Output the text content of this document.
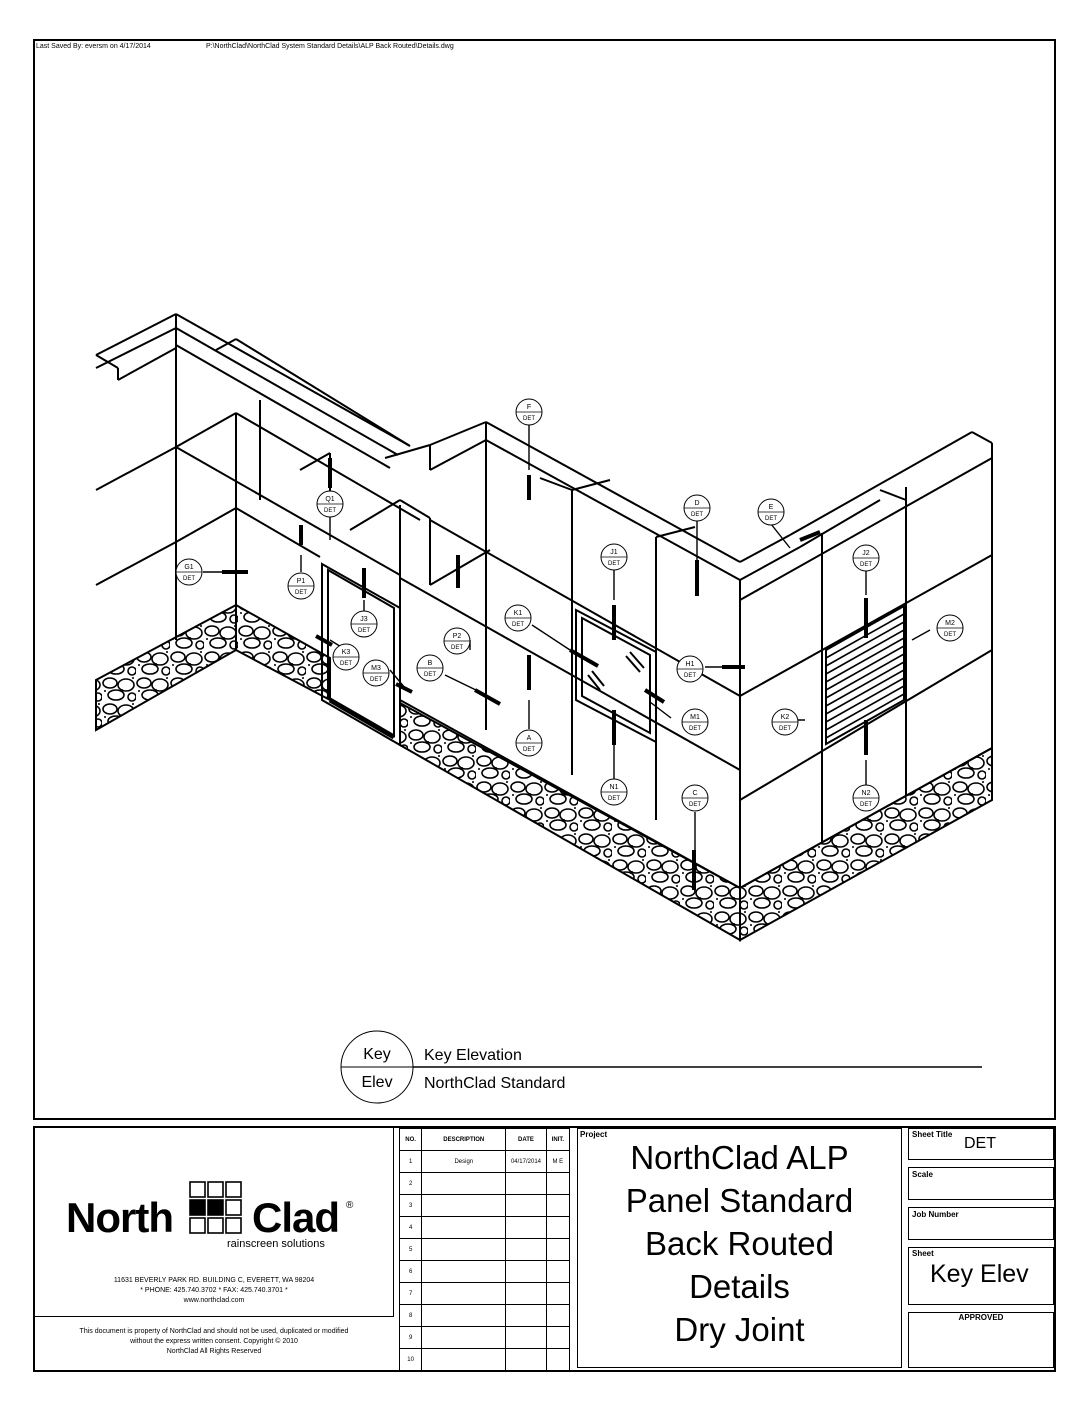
Last Saved By: eversm on 4/17/2014	P:\NorthClad\NorthClad System Standard Details\ALP Back Routed\Details.dwg
F
DET
Q1
DET
D
DET
E
DET
J1
DET
J2
DET
G1
DET	P1
DET
J3
DET
K1
DET
P2
DET
M2
DET
K3
DET
M3
DET
B
DET
H1
DET
M1
DET
K2
DET
A
DET
N1
DET
C
DET
N2
DET
Key
Elev
Key Elevation
NorthClad Standard
North Clad ®
rainscreen solutions
11631 BEVERLY PARK RD. BUILDING C, EVERETT, WA 98204
* PHONE: 425.740.3702 * FAX: 425.740.3701 *
www.northclad.com
This document is property of NorthClad and should not be used, duplicated or modified
without the express written consent. Copyright © 2010
NorthClad All Rights Reserved
NO.	DESCRIPTION	DATE	INIT.
1	Design	04/17/2014	M E
2			
3			
4			
5			
6			
7			
8			
9			
10			
Project
NorthClad ALP
Panel Standard
Back Routed
Details
Dry Joint
Sheet Title
DET
Scale
Job Number
Sheet
Key Elev
APPROVED
